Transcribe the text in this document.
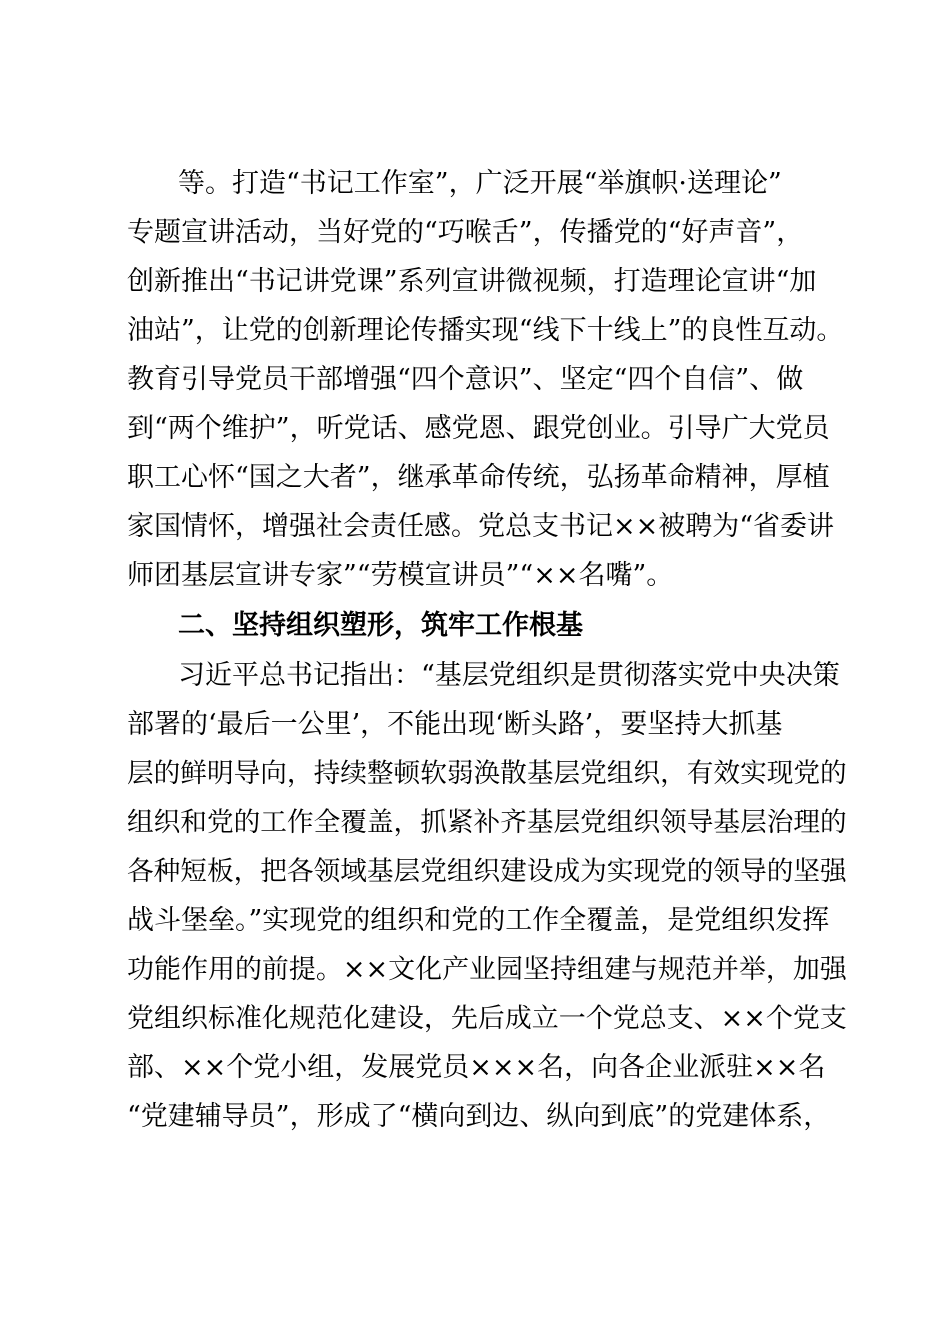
等。打造“书记工作室”，广泛开展“举旗帜·送理论”
专题宣讲活动，当好党的“巧喉舌”，传播党的“好声音”，
创新推出“书记讲党课”系列宣讲微视频，打造理论宣讲“加
油站”，让党的创新理论传播实现“线下十线上”的良性互动。
教育引导党员干部增强“四个意识”、坚定“四个自信”、做
到“两个维护”，听党话、感党恩、跟党创业。引导广大党员
职工心怀“国之大者”，继承革命传统，弘扬革命精神，厚植
家国情怀，增强社会责任感。党总支书记××被聘为“省委讲
师团基层宣讲专家”“劳模宣讲员”“××名嘴”。
二、坚持组织塑形，筑牢工作根基
习近平总书记指出：“基层党组织是贯彻落实党中央决策
部署的‘最后一公里’，不能出现‘断头路’，要坚持大抓基
层的鲜明导向，持续整顿软弱涣散基层党组织，有效实现党的
组织和党的工作全覆盖，抓紧补齐基层党组织领导基层治理的
各种短板，把各领域基层党组织建设成为实现党的领导的坚强
战斗堡垒。”实现党的组织和党的工作全覆盖，是党组织发挥
功能作用的前提。××文化产业园坚持组建与规范并举，加强
党组织标准化规范化建设，先后成立一个党总支、××个党支
部、××个党小组，发展党员×××名，向各企业派驻××名
“党建辅导员”，形成了“横向到边、纵向到底”的党建体系，
